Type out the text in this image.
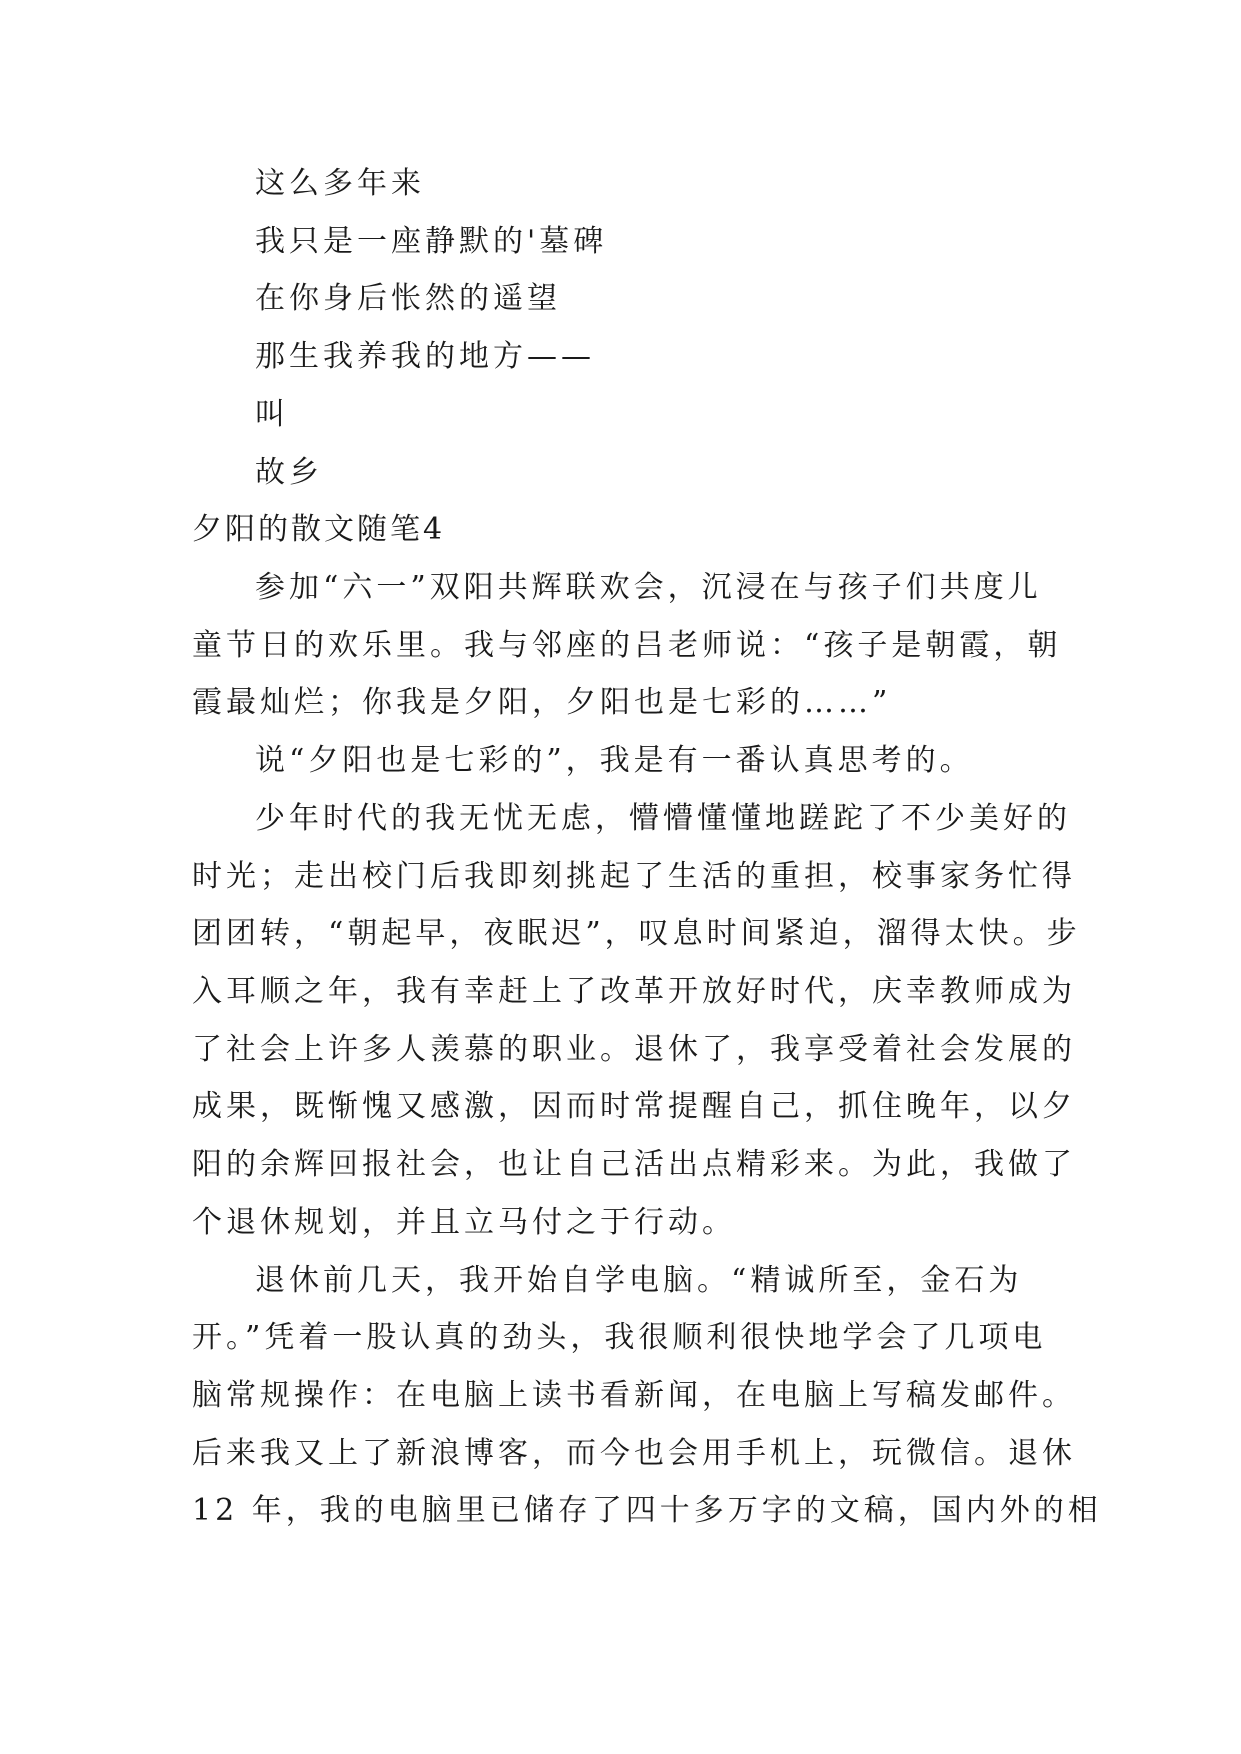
这么多年来
我只是一座静默的'墓碑
在你身后怅然的遥望
那生我养我的地方——
叫
故乡
夕阳的散文随笔4
参加“六一”双阳共辉联欢会，沉浸在与孩子们共度儿
童节日的欢乐里。我与邻座的吕老师说：“孩子是朝霞，朝
霞最灿烂；你我是夕阳，夕阳也是七彩的……”
说“夕阳也是七彩的”，我是有一番认真思考的。
少年时代的我无忧无虑，懵懵懂懂地蹉跎了不少美好的
时光；走出校门后我即刻挑起了生活的重担，校事家务忙得
团团转，“朝起早，夜眠迟”，叹息时间紧迫，溜得太快。步
入耳顺之年，我有幸赶上了改革开放好时代，庆幸教师成为
了社会上许多人羡慕的职业。退休了，我享受着社会发展的
成果，既惭愧又感激，因而时常提醒自己，抓住晚年，以夕
阳的余辉回报社会，也让自己活出点精彩来。为此，我做了
个退休规划，并且立马付之于行动。
退休前几天，我开始自学电脑。“精诚所至，金石为
开。”凭着一股认真的劲头，我很顺利很快地学会了几项电
脑常规操作：在电脑上读书看新闻，在电脑上写稿发邮件。
后来我又上了新浪博客，而今也会用手机上，玩微信。退休
12 年，我的电脑里已储存了四十多万字的文稿，国内外的相
